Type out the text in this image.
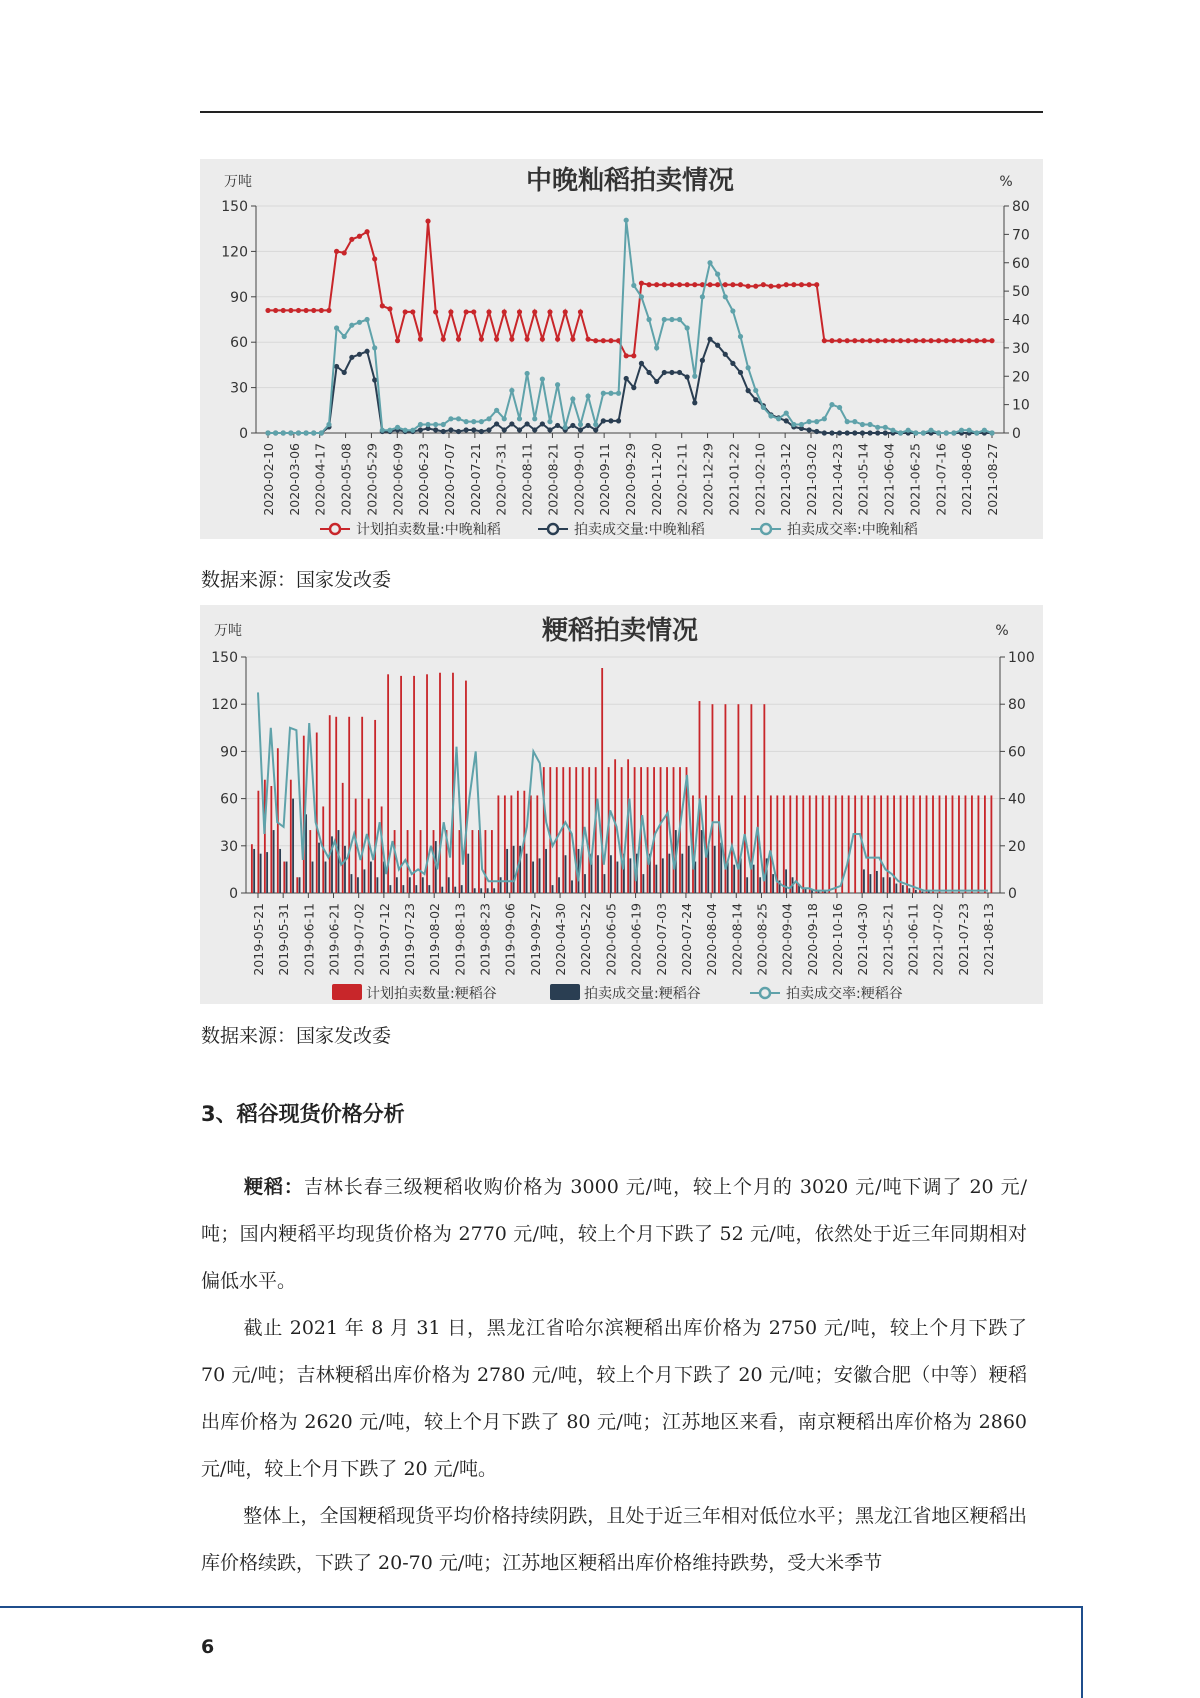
中晚籼稻拍卖情况
万吨	%
0
30
60
90
120
150
0
10
20
30
40
50
60
70
80
2020-02-10 2020-03-06 2020-04-17 2020-05-08 2020-05-29 2020-06-09 2020-06-23 2020-07-07 2020-07-21 2020-07-31 2020-08-11 2020-08-21 2020-09-01 2020-09-11 2020-09-29 2020-11-20 2020-12-11 2020-12-29 2021-01-22 2021-02-10 2021-03-12 2021-03-02 2021-04-23 2021-05-14 2021-06-04 2021-06-25 2021-07-16 2021-08-06 2021-08-27
计划拍卖数量:中晚籼稻	拍卖成交量:中晚籼稻	拍卖成交率:中晚籼稻
数据来源：国家发改委
粳稻拍卖情况
万吨	%
0
30
60
90
120
150
0
20
40
60
80
100
2019-05-21 2019-05-31 2019-06-11 2019-06-21 2019-07-02 2019-07-12 2019-07-23 2019-08-02 2019-08-13 2019-08-23 2019-09-06 2019-09-27 2020-04-30 2020-05-22 2020-06-05 2020-06-19 2020-07-03 2020-07-24 2020-08-04 2020-08-14 2020-08-25 2020-09-04 2020-09-18 2020-10-16 2021-04-30 2021-05-21 2021-06-11 2021-07-02 2021-07-23 2021-08-13
计划拍卖数量:粳稻谷	拍卖成交量:粳稻谷	拍卖成交率:粳稻谷
数据来源：国家发改委
3、稻谷现货价格分析
粳稻：吉林长春三级粳稻收购价格为 3000 元/吨，较上个月的 3020 元/吨下调了 20 元/吨；国内粳稻平均现货价格为 2770 元/吨，较上个月下跌了 52 元/吨，依然处于近三年同期相对偏低水平。
截止 2021 年 8 月 31 日，黑龙江省哈尔滨粳稻出库价格为 2750 元/吨，较上个月下跌了 70 元/吨；吉林粳稻出库价格为 2780 元/吨，较上个月下跌了 20 元/吨；安徽合肥（中等）粳稻出库价格为 2620 元/吨，较上个月下跌了 80 元/吨；江苏地区来看，南京粳稻出库价格为 2860 元/吨，较上个月下跌了 20 元/吨。
整体上，全国粳稻现货平均价格持续阴跌，且处于近三年相对低位水平；黑龙江省地区粳稻出库价格续跌，下跌了 20-70 元/吨；江苏地区粳稻出库价格维持跌势，受大米季节
6
